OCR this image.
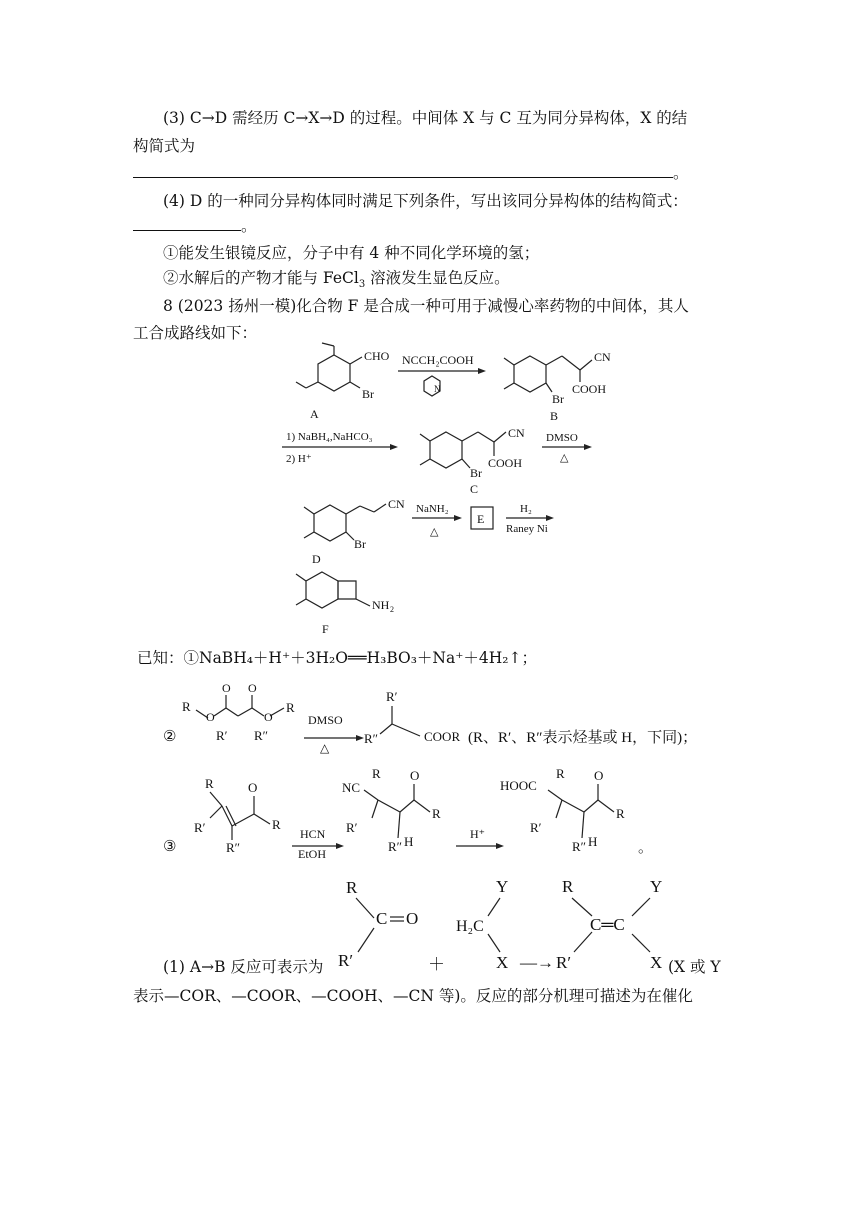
(3) C→D 需经历 C→X→D 的过程。中间体 X 与 C 互为同分异构体，X 的结
构简式为
。
(4) D 的一种同分异构体同时满足下列条件，写出该同分异构体的结构简式：
。
①能发生银镜反应，分子中有 4 种不同化学环境的氢；
②水解后的产物才能与 FeCl$_3$ 溶液发生显色反应。
8 (2023 扬州一模)化合物 F 是合成一种可用于减慢心率药物的中间体，其人
工合成路线如下：
CHO
Br
A
NCCH₂COOH
N
CN
COOH
Br
B
1) NaBH₄,NaHCO₃
2) H⁺
CN
COOH
Br
C
DMSO
△
CN
Br
D
NaNH₂
△
E
H₂
Raney Ni
NH 2
F
②
R
O O
R
O	O
R′ R″
DMSO
△
R″
R′
COOR (R、R′、R″表示烃基或 H，下同)；
③
R
R′
R″
O
R
HCN
EtOH
NC
R
R′
R″ H
O
R
H⁺
HOOC
R
R′
R″ H
O
R
。
R
C O
R′	＋
Y
H₂C
X —→
R
C═C
R′
Y
X
已知：①NaBH₄＋H⁺＋3H₂O══H₃BO₃＋Na⁺＋4H₂↑；
(1) A→B 反应可表示为	(X 或 Y
表示—COR、—COOR、—COOH、—CN 等)。反应的部分机理可描述为在催化
